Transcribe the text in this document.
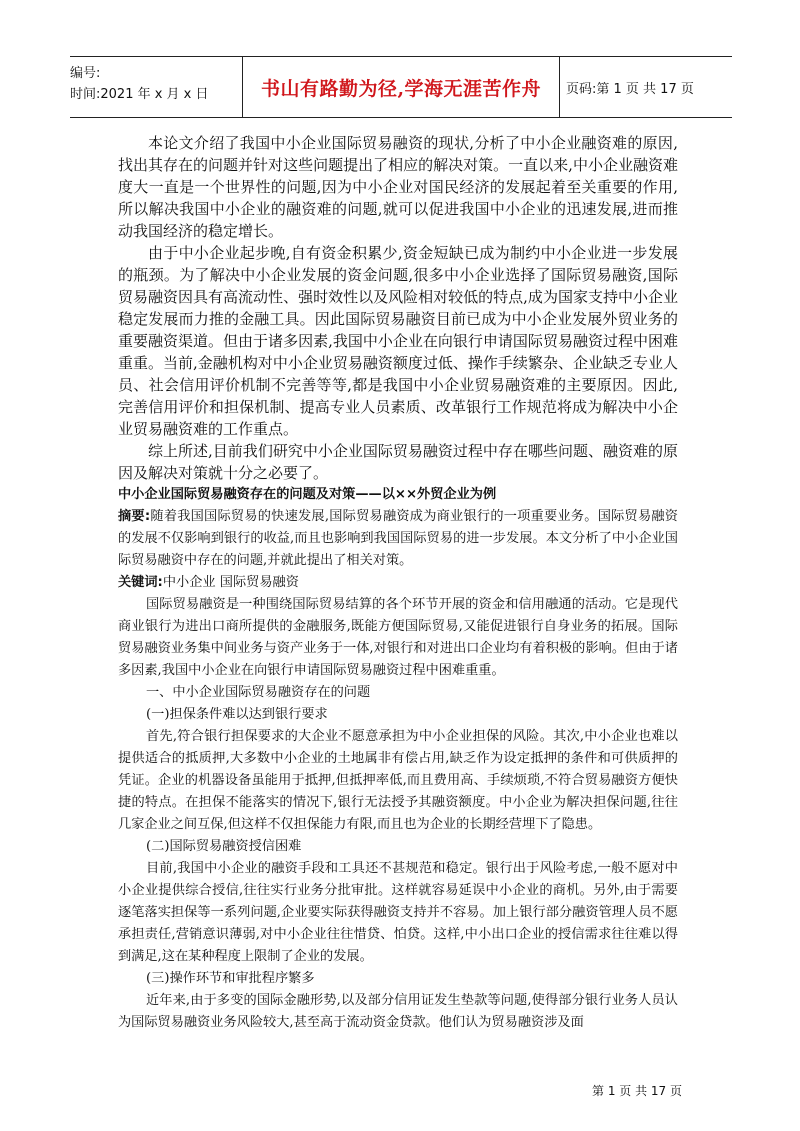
编号:
时间:2021 年 x 月 x 日	书山有路勤为径,学海无涯苦作舟	页码:第 1 页 共 17 页

本论文介绍了我国中小企业国际贸易融资的现状,分析了中小企业融资难的原因,找出其存在的问题并针对这些问题提出了相应的解决对策。一直以来,中小企业融资难度大一直是一个世界性的问题,因为中小企业对国民经济的发展起着至关重要的作用,所以解决我国中小企业的融资难的问题,就可以促进我国中小企业的迅速发展,进而推动我国经济的稳定增长。

由于中小企业起步晚,自有资金积累少,资金短缺已成为制约中小企业进一步发展的瓶颈。为了解决中小企业发展的资金问题,很多中小企业选择了国际贸易融资,国际贸易融资因具有高流动性、强时效性以及风险相对较低的特点,成为国家支持中小企业稳定发展而力推的金融工具。因此国际贸易融资目前已成为中小企业发展外贸业务的重要融资渠道。但由于诸多因素,我国中小企业在向银行申请国际贸易融资过程中困难重重。当前,金融机构对中小企业贸易融资额度过低、操作手续繁杂、企业缺乏专业人员、社会信用评价机制不完善等等,都是我国中小企业贸易融资难的主要原因。因此,完善信用评价和担保机制、提高专业人员素质、改革银行工作规范将成为解决中小企业贸易融资难的工作重点。

综上所述,目前我们研究中小企业国际贸易融资过程中存在哪些问题、融资难的原因及解决对策就十分之必要了。

中小企业国际贸易融资存在的问题及对策——以××外贸企业为例

摘要:随着我国国际贸易的快速发展,国际贸易融资成为商业银行的一项重要业务。国际贸易融资的发展不仅影响到银行的收益,而且也影响到我国国际贸易的进一步发展。本文分析了中小企业国际贸易融资中存在的问题,并就此提出了相关对策。

关键词:中小企业 国际贸易融资

国际贸易融资是一种围绕国际贸易结算的各个环节开展的资金和信用融通的活动。它是现代商业银行为进出口商所提供的金融服务,既能方便国际贸易,又能促进银行自身业务的拓展。国际贸易融资业务集中间业务与资产业务于一体,对银行和对进出口企业均有着积极的影响。但由于诸多因素,我国中小企业在向银行申请国际贸易融资过程中困难重重。

一、中小企业国际贸易融资存在的问题

(一)担保条件难以达到银行要求

首先,符合银行担保要求的大企业不愿意承担为中小企业担保的风险。其次,中小企业也难以提供适合的抵质押,大多数中小企业的土地属非有偿占用,缺乏作为设定抵押的条件和可供质押的凭证。企业的机器设备虽能用于抵押,但抵押率低,而且费用高、手续烦琐,不符合贸易融资方便快捷的特点。在担保不能落实的情况下,银行无法授予其融资额度。中小企业为解决担保问题,往往几家企业之间互保,但这样不仅担保能力有限,而且也为企业的长期经营埋下了隐患。

(二)国际贸易融资授信困难

目前,我国中小企业的融资手段和工具还不甚规范和稳定。银行出于风险考虑,一般不愿对中小企业提供综合授信,往往实行业务分批审批。这样就容易延误中小企业的商机。另外,由于需要逐笔落实担保等一系列问题,企业要实际获得融资支持并不容易。加上银行部分融资管理人员不愿承担责任,营销意识薄弱,对中小企业往往惜贷、怕贷。这样,中小出口企业的授信需求往往难以得到满足,这在某种程度上限制了企业的发展。

(三)操作环节和审批程序繁多

近年来,由于多变的国际金融形势,以及部分信用证发生垫款等问题,使得部分银行业务人员认为国际贸易融资业务风险较大,甚至高于流动资金贷款。他们认为贸易融资涉及面

第 1 页 共 17 页
